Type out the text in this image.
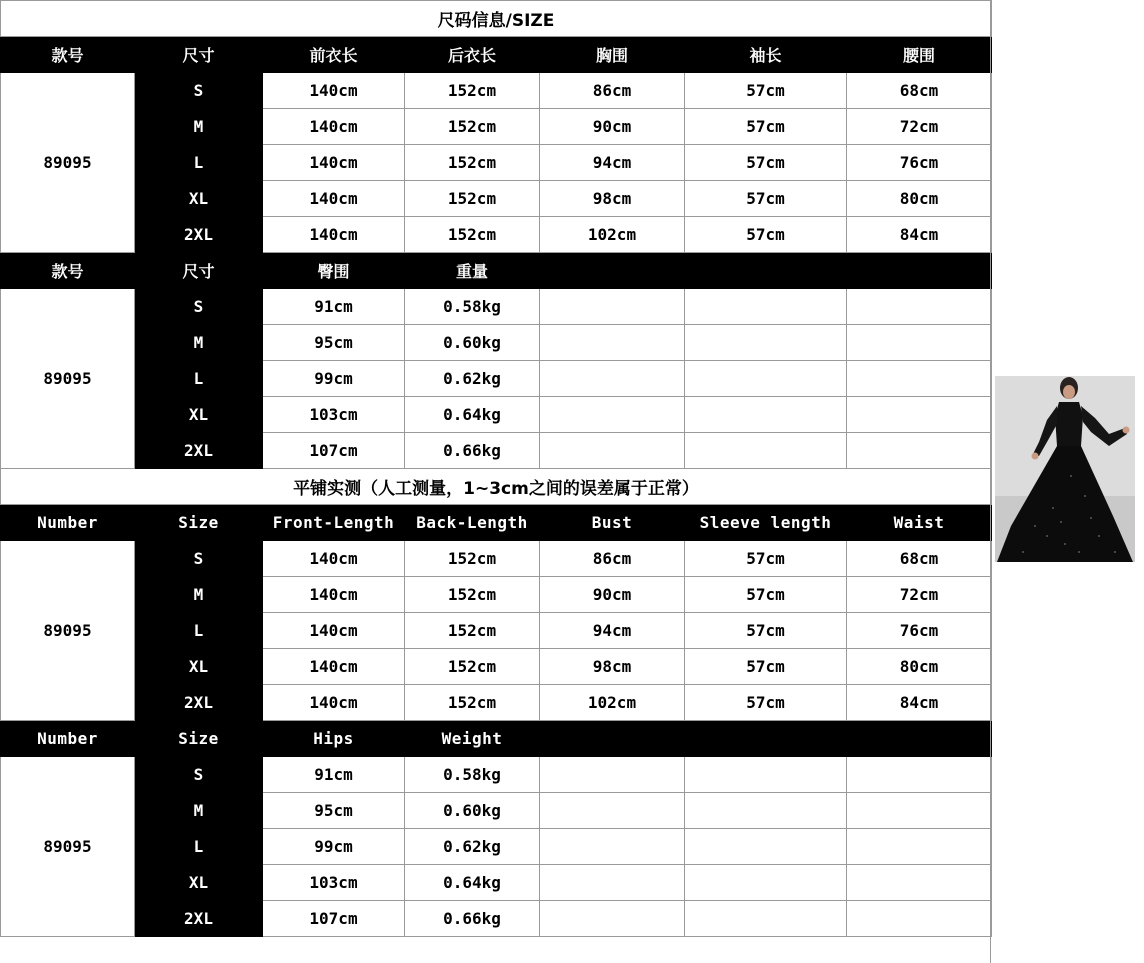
尺码信息/SIZE						
款号	尺寸	前衣长	后衣长	胸围	袖长	腰围
89095	S	140cm	152cm	86cm	57cm	68cm
	M	140cm	152cm	90cm	57cm	72cm
	L	140cm	152cm	94cm	57cm	76cm
	XL	140cm	152cm	98cm	57cm	80cm
	2XL	140cm	152cm	102cm	57cm	84cm
款号	尺寸	臀围	重量			
89095	S	91cm	0.58kg			
	M	95cm	0.60kg			
	L	99cm	0.62kg			
	XL	103cm	0.64kg			
	2XL	107cm	0.66kg			
平铺实测（人工测量，1~3cm之间的误差属于正常）						
Number	Size	Front-Length	Back-Length	Bust	Sleeve length	Waist
89095	S	140cm	152cm	86cm	57cm	68cm
	M	140cm	152cm	90cm	57cm	72cm
	L	140cm	152cm	94cm	57cm	76cm
	XL	140cm	152cm	98cm	57cm	80cm
	2XL	140cm	152cm	102cm	57cm	84cm
Number	Size	Hips	Weight			
89095	S	91cm	0.58kg			
	M	95cm	0.60kg			
	L	99cm	0.62kg			
	XL	103cm	0.64kg			
	2XL	107cm	0.66kg			
